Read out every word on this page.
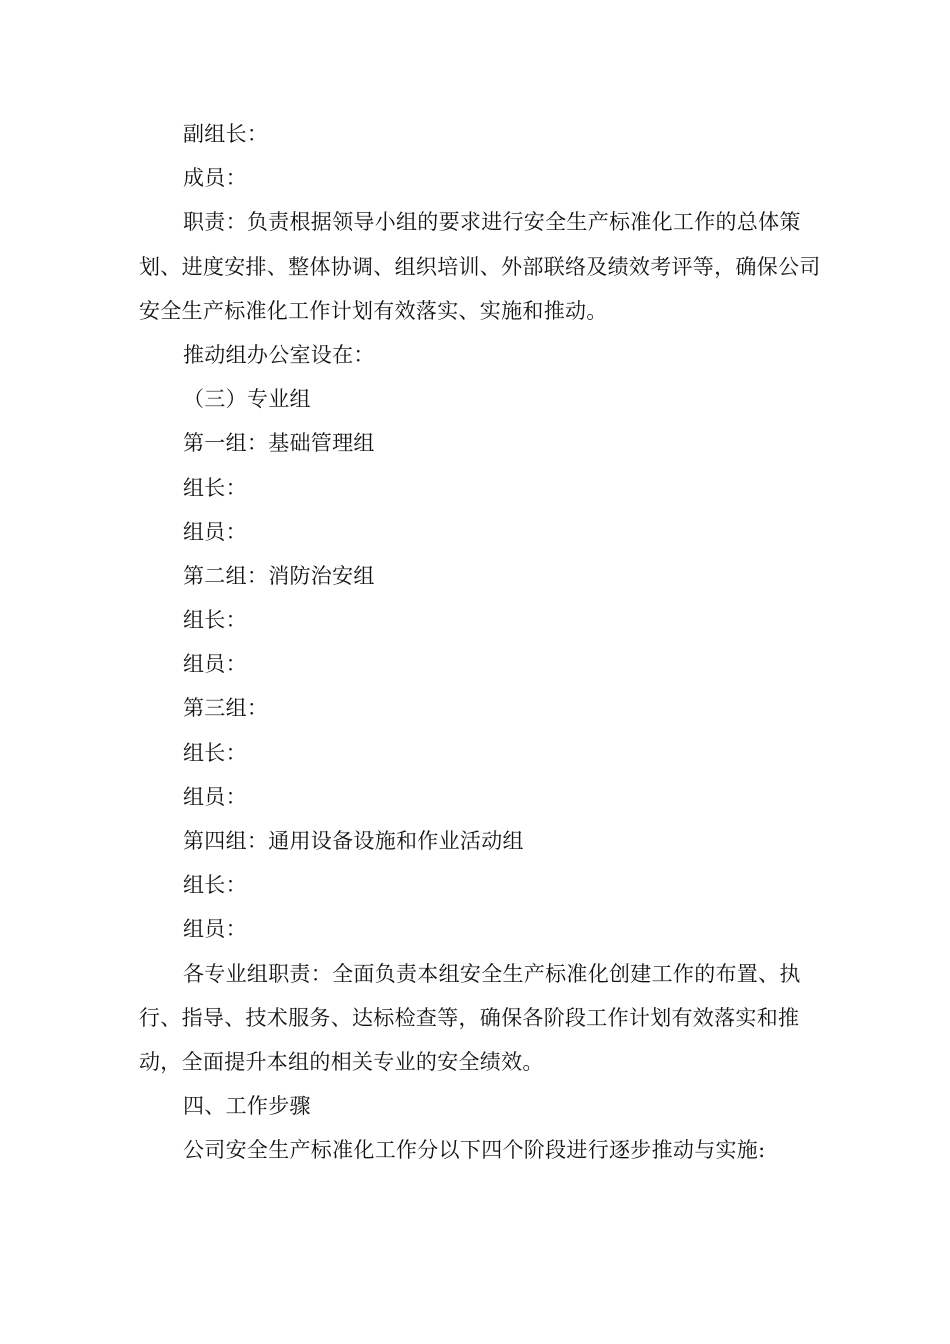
副组长：
成员：
职责：负责根据领导小组的要求进行安全生产标准化工作的总体策
划、进度安排、整体协调、组织培训、外部联络及绩效考评等，确保公司
安全生产标准化工作计划有效落实、实施和推动。
推动组办公室设在：
（三）专业组
第一组：基础管理组
组长：
组员：
第二组：消防治安组
组长：
组员：
第三组：
组长：
组员：
第四组：通用设备设施和作业活动组
组长：
组员：
各专业组职责：全面负责本组安全生产标准化创建工作的布置、执
行、指导、技术服务、达标检查等，确保各阶段工作计划有效落实和推
动，全面提升本组的相关专业的安全绩效。
四、工作步骤
公司安全生产标准化工作分以下四个阶段进行逐步推动与实施:
